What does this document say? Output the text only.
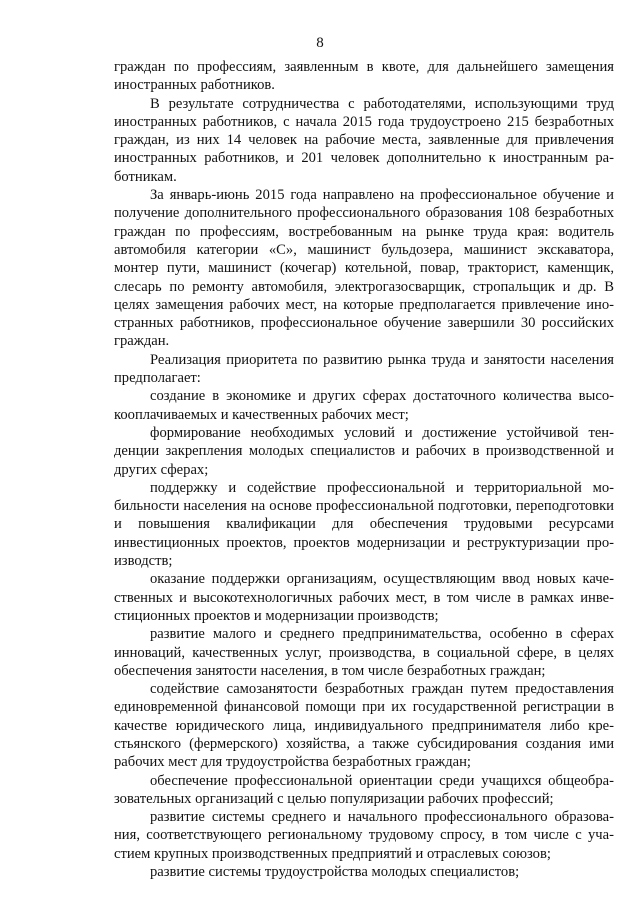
8

граждан по профессиям, заявленным в квоте, для дальнейшего замещения иностранных работников.

В результате сотрудничества с работодателями, использующими труд иностранных работников, с начала 2015 года трудоустроено 215 безработных граждан, из них 14 человек на рабочие места, заявленные для привлечения иностранных работников, и 201 человек дополнительно к иностранным работникам.

За январь-июнь 2015 года направлено на профессиональное обучение и получение дополнительного профессионального образования 108 безработных граждан по профессиям, востребованным на рынке труда края: водитель автомобиля категории «С», машинист бульдозера, машинист экскаватора, монтер пути, машинист (кочегар) котельной, повар, тракторист, каменщик, слесарь по ремонту автомобиля, электрогазосварщик, стропальщик и др. В целях замещения рабочих мест, на которые предполагается привлечение иностранных работников, профессиональное обучение завершили 30 российских граждан.

Реализация приоритета по развитию рынка труда и занятости населения предполагает:

создание в экономике и других сферах достаточного количества высокоoплачиваемых и качественных рабочих мест;

формирование необходимых условий и достижение устойчивой тенденции закрепления молодых специалистов и рабочих в производственной и других сферах;

поддержку и содействие профессиональной и территориальной мобильности населения на основе профессиональной подготовки, переподготовки и повышения квалификации для обеспечения трудовыми ресурсами инвестиционных проектов, проектов модернизации и реструктуризации производств;

оказание поддержки организациям, осуществляющим ввод новых качественных и высокотехнологичных рабочих мест, в том числе в рамках инвестиционных проектов и модернизации производств;

развитие малого и среднего предпринимательства, особенно в сферах инноваций, качественных услуг, производства, в социальной сфере, в целях обеспечения занятости населения, в том числе безработных граждан;

содействие самозанятости безработных граждан путем предоставления единовременной финансовой помощи при их государственной регистрации в качестве юридического лица, индивидуального предпринимателя либо крестьянского (фермерского) хозяйства, а также субсидирования создания ими рабочих мест для трудоустройства безработных граждан;

обеспечение профессиональной ориентации среди учащихся общеобразовательных организаций с целью популяризации рабочих профессий;

развитие системы среднего и начального профессионального образования, соответствующего региональному трудовому спросу, в том числе с участием крупных производственных предприятий и отраслевых союзов;

развитие системы трудоустройства молодых специалистов;
